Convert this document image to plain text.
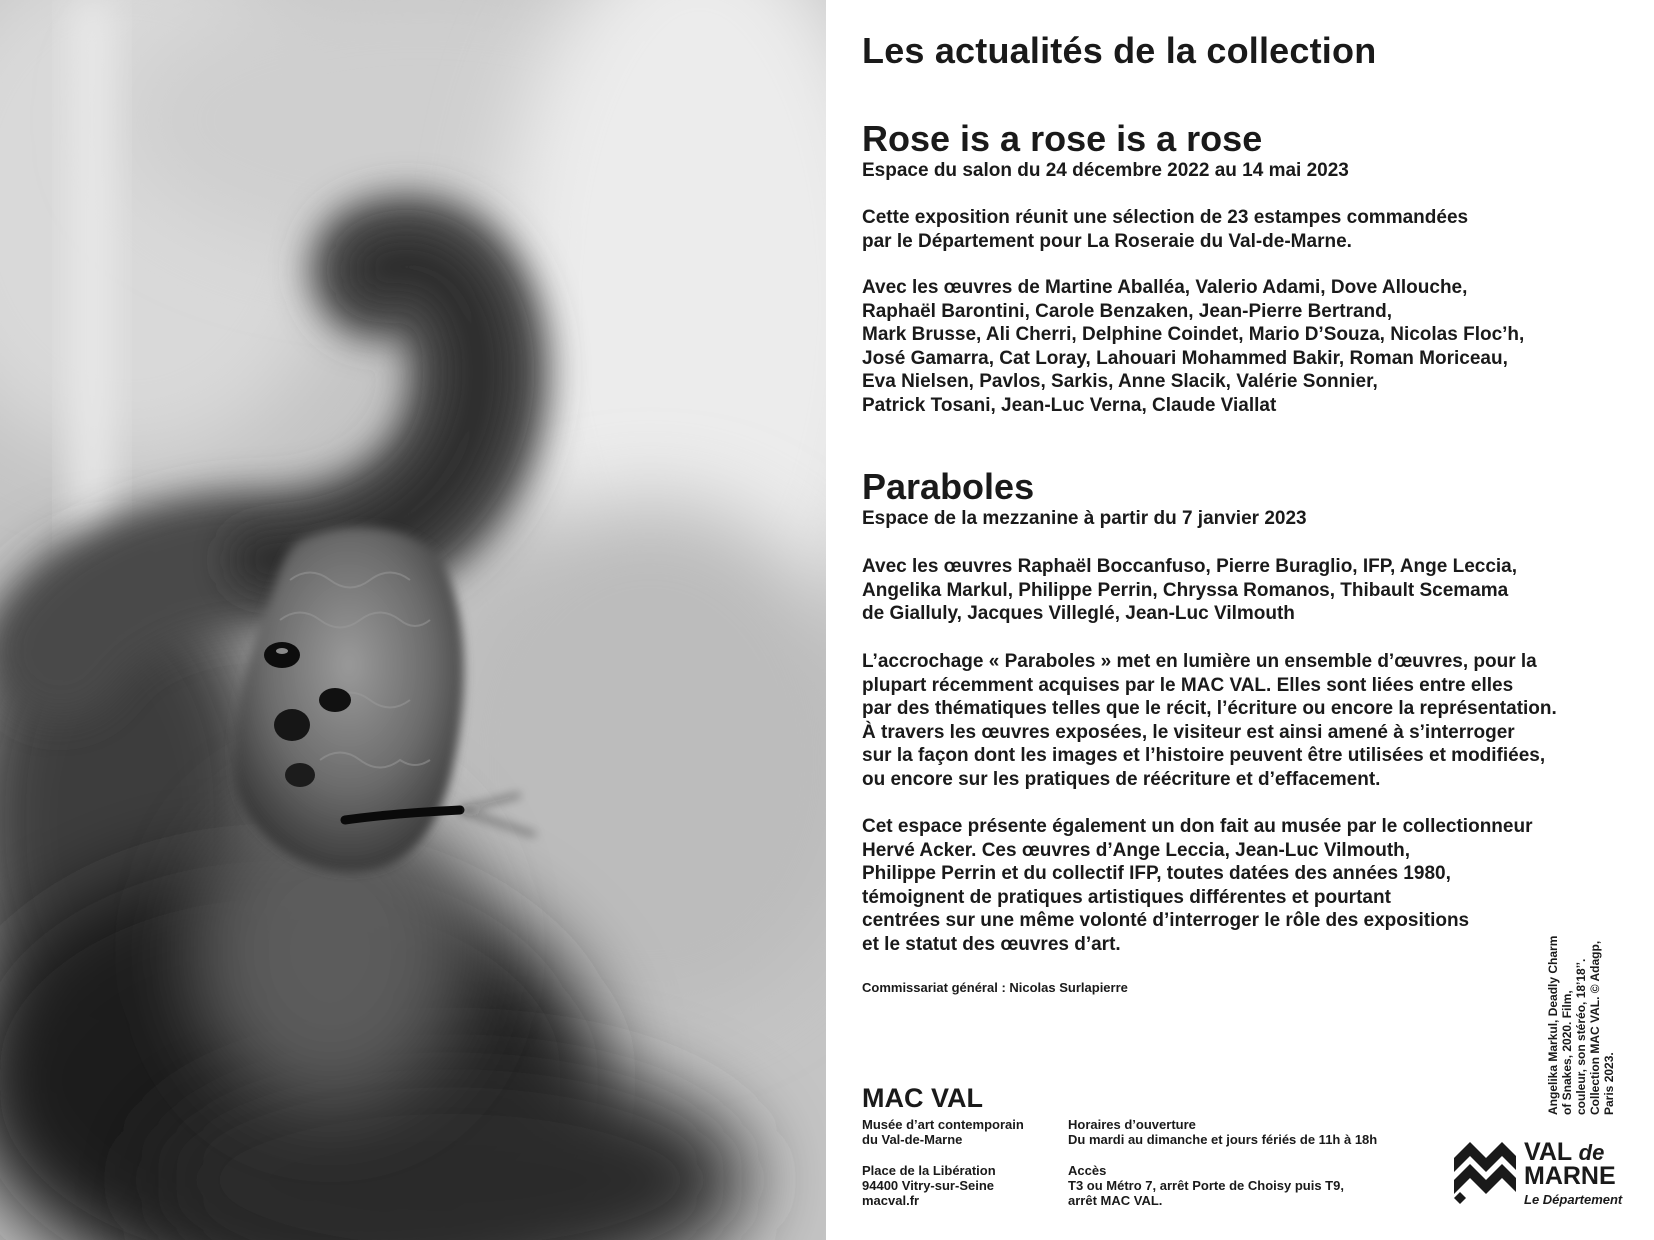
Les actualités de la collection
Rose is a rose is a rose

Espace du salon du 24 décembre 2022 au 14 mai 2023

Cette exposition réunit une sélection de 23 estampes commandées
par le Département pour La Roseraie du Val-de-Marne.

Avec les œuvres de Martine Aballéa, Valerio Adami, Dove Allouche,
Raphaël Barontini, Carole Benzaken, Jean-Pierre Bertrand,
Mark Brusse, Ali Cherri, Delphine Coindet, Mario D’Souza, Nicolas Floc’h,
José Gamarra, Cat Loray, Lahouari Mohammed Bakir, Roman Moriceau,
Eva Nielsen, Pavlos, Sarkis, Anne Slacik, Valérie Sonnier,
Patrick Tosani, Jean-Luc Verna, Claude Viallat

Paraboles

Espace de la mezzanine à partir du 7 janvier 2023

Avec les œuvres Raphaël Boccanfuso, Pierre Buraglio, IFP, Ange Leccia,
Angelika Markul, Philippe Perrin, Chryssa Romanos, Thibault Scemama
de Gialluly, Jacques Villeglé, Jean-Luc Vilmouth

L’accrochage « Paraboles » met en lumière un ensemble d’œuvres, pour la
plupart récemment acquises par le MAC VAL. Elles sont liées entre elles
par des thématiques telles que le récit, l’écriture ou encore la représentation.
À travers les œuvres exposées, le visiteur est ainsi amené à s’interroger
sur la façon dont les images et l’histoire peuvent être utilisées et modifiées,
ou encore sur les pratiques de réécriture et d’effacement.

Cet espace présente également un don fait au musée par le collectionneur
Hervé Acker. Ces œuvres d’Ange Leccia, Jean-Luc Vilmouth,
Philippe Perrin et du collectif IFP, toutes datées des années 1980,
témoignent de pratiques artistiques différentes et pourtant
centrées sur une même volonté d’interroger le rôle des expositions
et le statut des œuvres d’art.

Commissariat général : Nicolas Surlapierre	Angelika Markul, Deadly Charm of Snakes, 2020. Film, couleur, son stéréo, 18’18’’. Collection MAC VAL. © Adagp, Paris 2023.

MAC VAL

Musée d’art contemporain
du Val-de-Marne

Place de la Libération
94400 Vitry-sur-Seine
macval.fr

Horaires d’ouverture
Du mardi au dimanche et jours fériés de 11h à 18h

Accès
T3 ou Métro 7, arrêt Porte de Choisy puis T9,
arrêt MAC VAL.

VAL de
MARNE
Le Département
